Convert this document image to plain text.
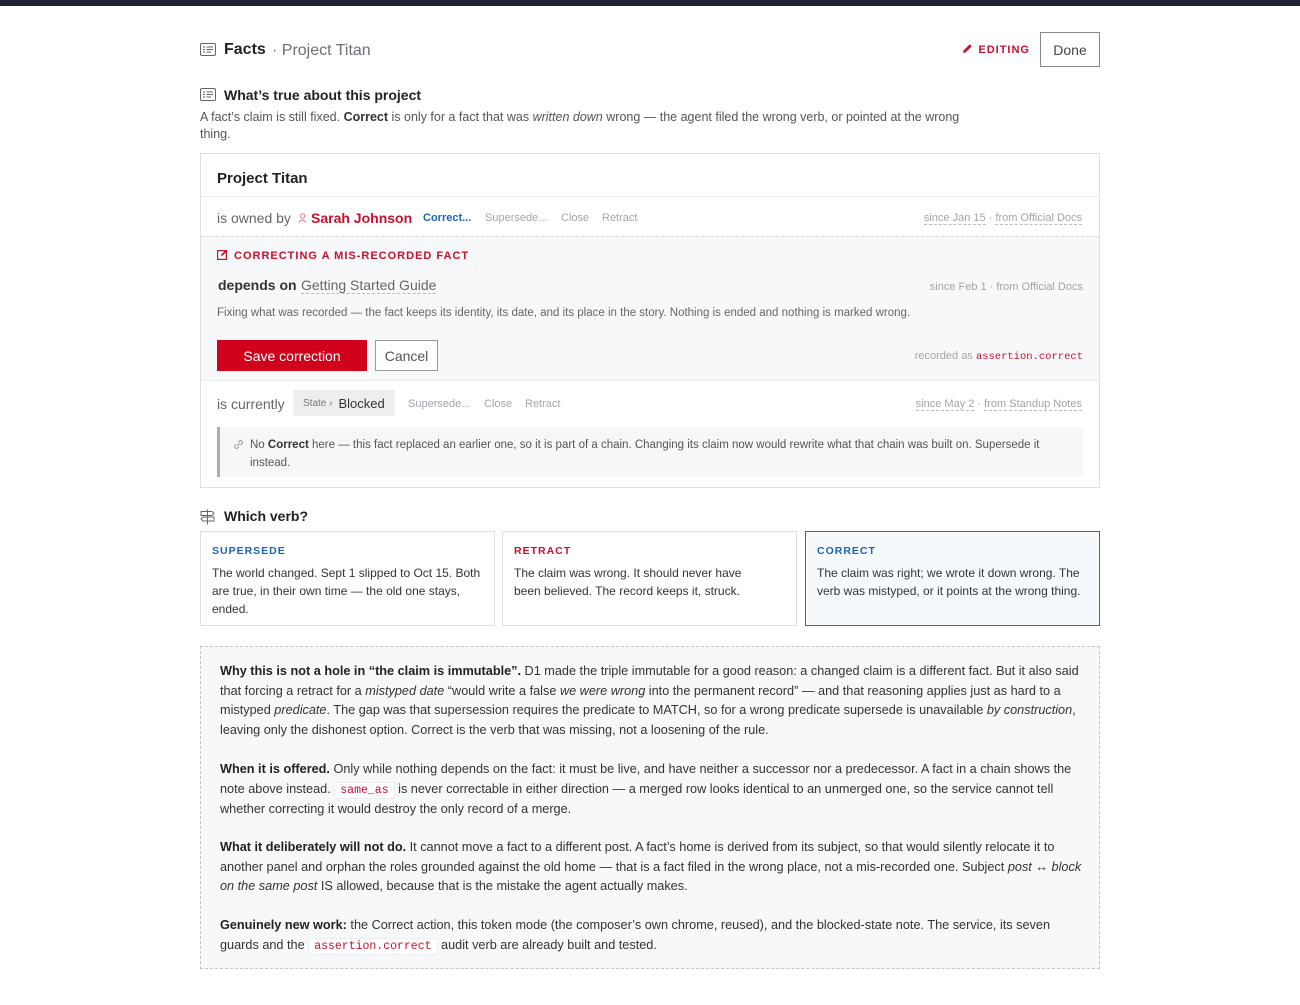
Facts · Project Titan	EDITING	Done
What’s true about this project
A fact’s claim is still fixed. Correct is only for a fact that was written down wrong — the agent filed the wrong verb, or pointed at the wrong thing.
Project Titan
is owned by Sarah Johnson Correct... Supersede... Close Retract	since Jan 15 · from Official Docs
CORRECTING A MIS-RECORDED FACT
depends on Getting Started Guide	since Feb 1 · from Official Docs
Fixing what was recorded — the fact keeps its identity, its date, and its place in the story. Nothing is ended and nothing is marked wrong.
Save correction	Cancel	recorded as assertion.correct
is currently State › Blocked Supersede... Close Retract	since May 2 · from Standup Notes
No Correct here — this fact replaced an earlier one, so it is part of a chain. Changing its claim now would rewrite what that chain was built on. Supersede it instead.
Which verb?
SUPERSEDE
The world changed. Sept 1 slipped to Oct 15. Both are true, in their own time — the old one stays, ended.
RETRACT
The claim was wrong. It should never have been believed. The record keeps it, struck.
CORRECT
The claim was right; we wrote it down wrong. The verb was mistyped, or it points at the wrong thing.
Why this is not a hole in “the claim is immutable”. D1 made the triple immutable for a good reason: a changed claim is a different fact. But it also said that forcing a retract for a mistyped date “would write a false we were wrong into the permanent record” — and that reasoning applies just as hard to a mistyped predicate. The gap was that supersession requires the predicate to MATCH, so for a wrong predicate supersede is unavailable by construction, leaving only the dishonest option. Correct is the verb that was missing, not a loosening of the rule.
When it is offered. Only while nothing depends on the fact: it must be live, and have neither a successor nor a predecessor. A fact in a chain shows the note above instead. same_as is never correctable in either direction — a merged row looks identical to an unmerged one, so the service cannot tell whether correcting it would destroy the only record of a merge.
What it deliberately will not do. It cannot move a fact to a different post. A fact’s home is derived from its subject, so that would silently relocate it to another panel and orphan the roles grounded against the old home — that is a fact filed in the wrong place, not a mis-recorded one. Subject post ↔ block on the same post IS allowed, because that is the mistake the agent actually makes.
Genuinely new work: the Correct action, this token mode (the composer’s own chrome, reused), and the blocked-state note. The service, its seven guards and the assertion.correct audit verb are already built and tested.
